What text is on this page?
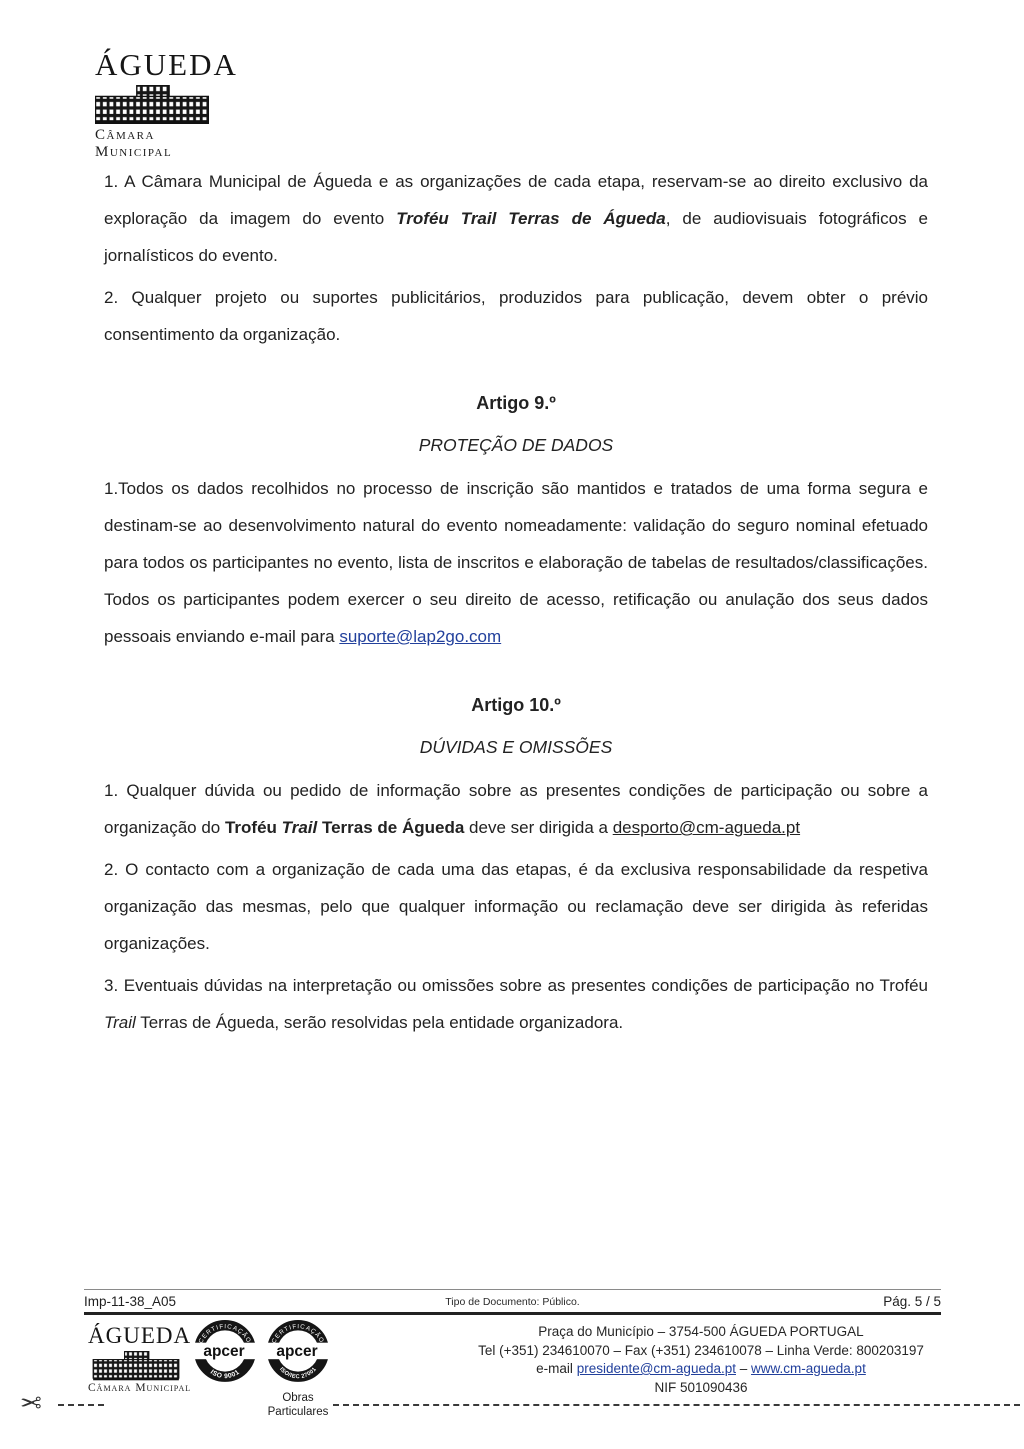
ÁGUEDA
Câmara Municipal
1. A Câmara Municipal de Águeda e as organizações de cada etapa, reservam-se ao direito exclusivo da exploração da imagem do evento Troféu Trail Terras de Águeda, de audiovisuais fotográficos e jornalísticos do evento.
2. Qualquer projeto ou suportes publicitários, produzidos para publicação, devem obter o prévio consentimento da organização.
Artigo 9.º
PROTEÇÃO DE DADOS
1.Todos os dados recolhidos no processo de inscrição são mantidos e tratados de uma forma segura e destinam-se ao desenvolvimento natural do evento nomeadamente: validação do seguro nominal efetuado para todos os participantes no evento, lista de inscritos e elaboração de tabelas de resultados/classificações. Todos os participantes podem exercer o seu direito de acesso, retificação ou anulação dos seus dados pessoais enviando e-mail para suporte@lap2go.com
Artigo 10.º
DÚVIDAS E OMISSÕES
1. Qualquer dúvida ou pedido de informação sobre as presentes condições de participação ou sobre a organização do Troféu Trail Terras de Águeda deve ser dirigida a desporto@cm-agueda.pt
2. O contacto com a organização de cada uma das etapas, é da exclusiva responsabilidade da respetiva organização das mesmas, pelo que qualquer informação ou reclamação deve ser dirigida às referidas organizações.
3. Eventuais dúvidas na interpretação ou omissões sobre as presentes condições de participação no Troféu Trail Terras de Águeda, serão resolvidas pela entidade organizadora.
Imp-11-38_A05	Tipo de Documento: Público.	Pág. 5 / 5
ÁGUEDA
Câmara Municipal
apcer
CERTIFICAÇÃO
ISO 9001
apcer
CERTIFICAÇÃO
ISO/IEC 27001
Obras Particulares
Praça do Município – 3754-500 ÁGUEDA PORTUGAL
Tel (+351) 234610070 – Fax (+351) 234610078 – Linha Verde: 800203197
e-mail presidente@cm-agueda.pt – www.cm-agueda.pt
NIF 501090436
✂
